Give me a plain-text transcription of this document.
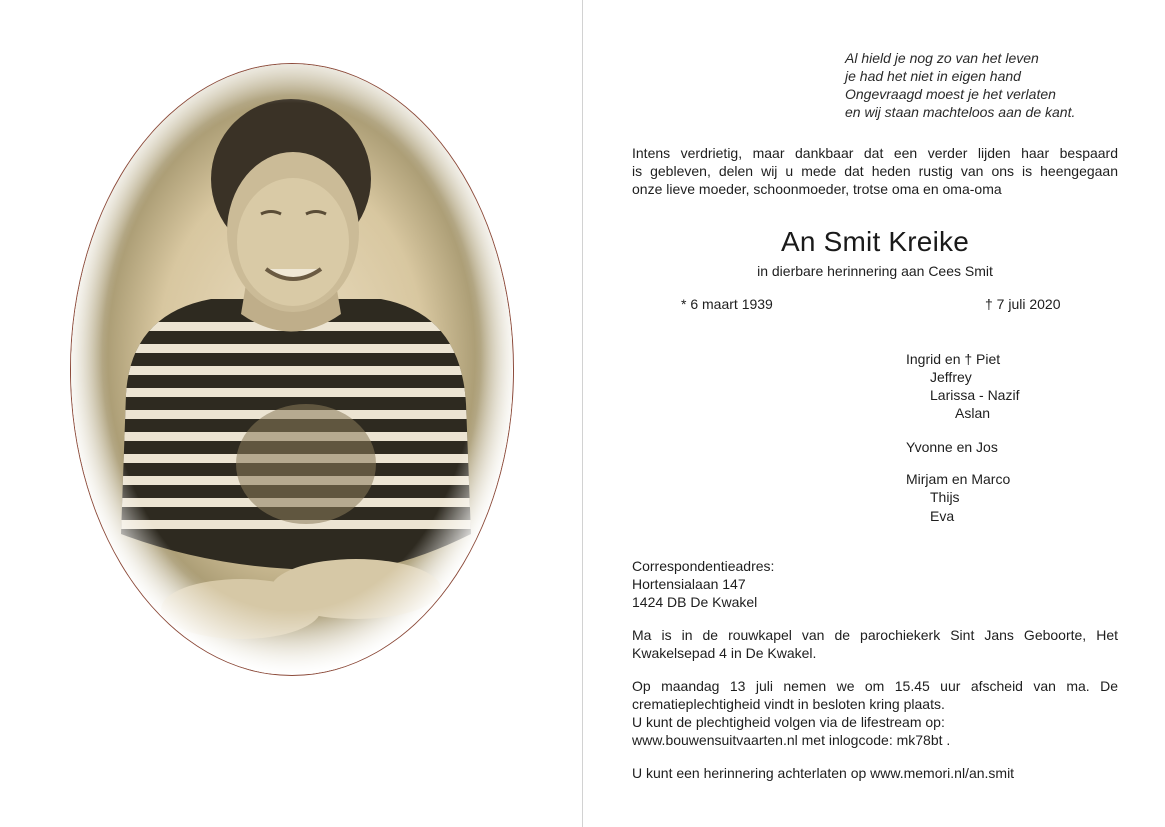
Al hield je nog zo van het leven
je had het niet in eigen hand
Ongevraagd moest je het verlaten
en wij staan machteloos aan de kant.
Intens verdrietig, maar dankbaar dat een verder lijden haar bespaard
is gebleven, delen wij u mede dat heden rustig van ons is heengegaan
onze lieve moeder, schoonmoeder, trotse oma en oma-oma
An Smit Kreike
in dierbare herinnering aan Cees Smit
* 6 maart 1939	† 7 juli 2020
Ingrid en † Piet
Jeffrey
Larissa - Nazif
Aslan
Yvonne en Jos
Mirjam en Marco
Thijs
Eva
Correspondentieadres:
Hortensialaan 147
1424 DB De Kwakel
Ma is in de rouwkapel van de parochiekerk Sint Jans Geboorte, Het
Kwakelsepad 4 in De Kwakel.
Op maandag 13 juli nemen we om 15.45 uur afscheid van ma. De
crematieplechtigheid vindt in besloten kring plaats.
U kunt de plechtigheid volgen via de lifestream op:
www.bouwensuitvaarten.nl met inlogcode: mk78bt .
U kunt een herinnering achterlaten op www.memori.nl/an.smit
